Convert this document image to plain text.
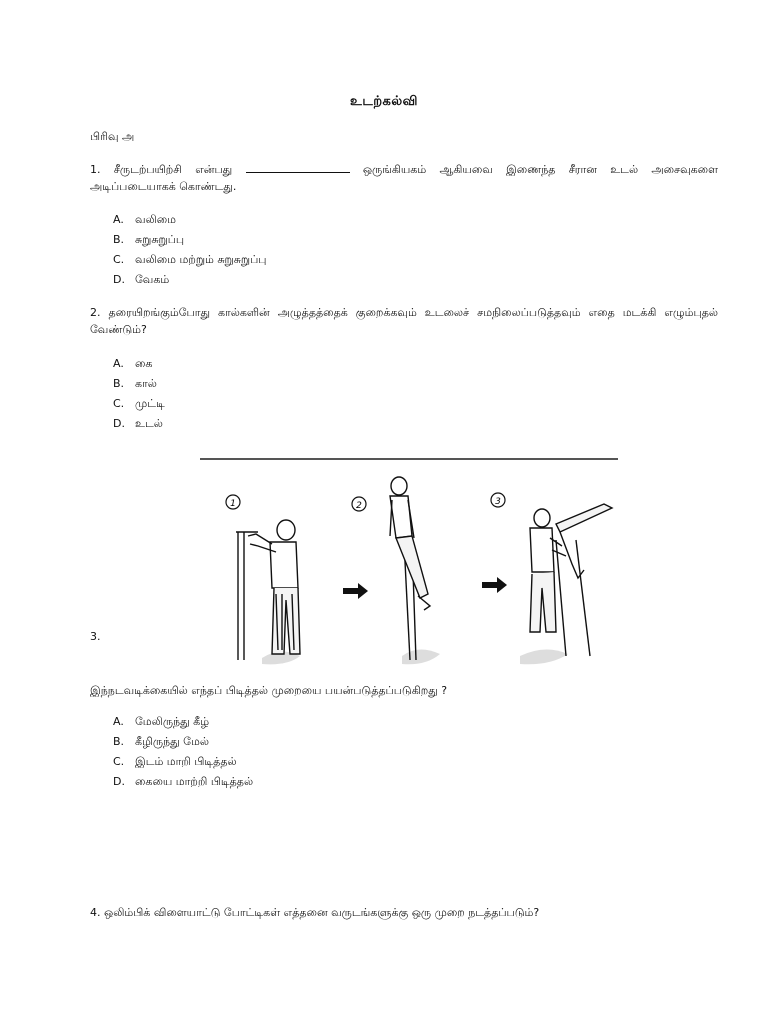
உடற்கல்வி
பிரிவு அ
1. சீருடற்பயிற்சி என்பது	ஒருங்கியகம் ஆகியவை இணைந்த சீரான உடல் அசைவுகளை அடிப்படையாகக் கொண்டது.
A. வலிமை
B. சுறுசுறுப்பு
C. வலிமை மற்றும் சுறுசுறுப்பு
D. வேகம்
2. தரையிறங்கும்போது கால்களின் அழுத்தத்தைக் குறைக்கவும் உடலைச் சமநிலைப்படுத்தவும் எதை மடக்கி எழும்புதல் வேண்டும்?
A. கை
B. கால்
C. முட்டி
D. உடல்
3.
1	2	3
இந்நடவடிக்கையில் எந்தப் பிடித்தல் முறையை பயன்படுத்தப்படுகிறது ?
A. மேலிருந்து கீழ்
B. கீழிருந்து மேல்
C. இடம் மாறி பிடித்தல்
D. கையை மாற்றி பிடித்தல்
4. ஒலிம்பிக் விளையாட்டு போட்டிகள் எத்தனை வருடங்களுக்கு ஒரு முறை நடத்தப்படும்?
